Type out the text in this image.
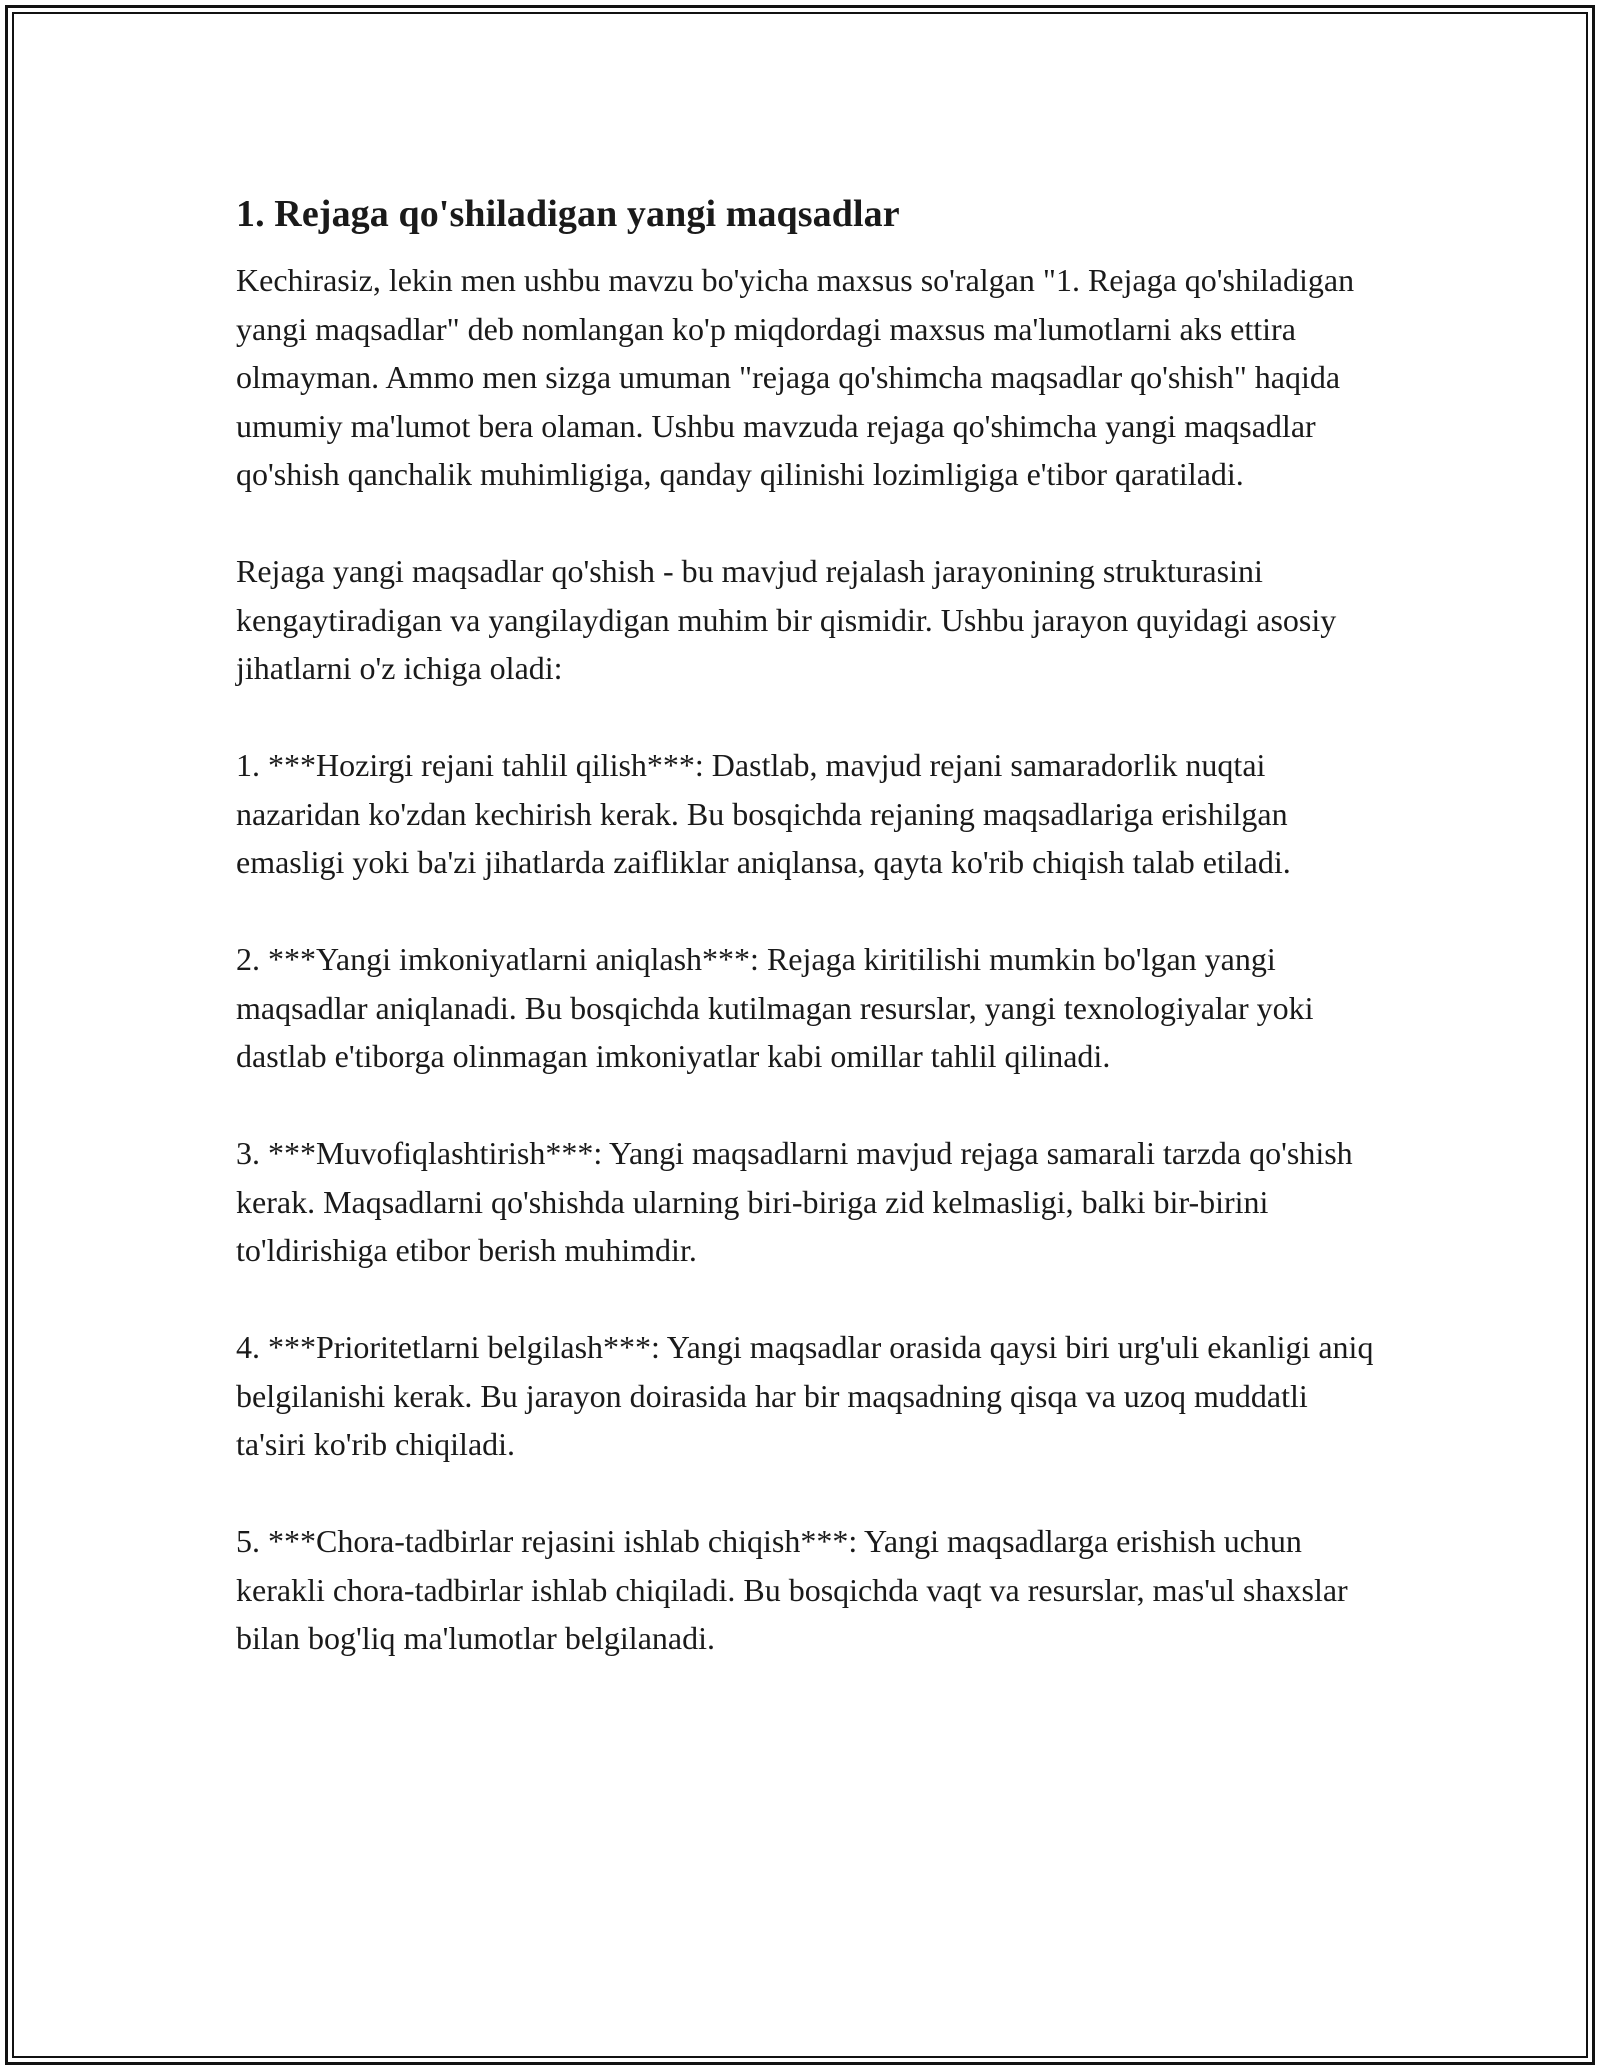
1. Rejaga qo'shiladigan yangi maqsadlar

Kechirasiz, lekin men ushbu mavzu bo'yicha maxsus so'ralgan "1. Rejaga qo'shiladigan yangi maqsadlar" deb nomlangan ko'p miqdordagi maxsus ma'lumotlarni aks ettira olmayman. Ammo men sizga umuman "rejaga qo'shimcha maqsadlar qo'shish" haqida umumiy ma'lumot bera olaman. Ushbu mavzuda rejaga qo'shimcha yangi maqsadlar qo'shish qanchalik muhimligiga, qanday qilinishi lozimligiga e'tibor qaratiladi.

Rejaga yangi maqsadlar qo'shish - bu mavjud rejalash jarayonining strukturasini kengaytiradigan va yangilaydigan muhim bir qismidir. Ushbu jarayon quyidagi asosiy jihatlarni o'z ichiga oladi:

1. ***Hozirgi rejani tahlil qilish***: Dastlab, mavjud rejani samaradorlik nuqtai nazaridan ko'zdan kechirish kerak. Bu bosqichda rejaning maqsadlariga erishilgan emasligi yoki ba'zi jihatlarda zaifliklar aniqlansa, qayta ko'rib chiqish talab etiladi.

2. ***Yangi imkoniyatlarni aniqlash***: Rejaga kiritilishi mumkin bo'lgan yangi maqsadlar aniqlanadi. Bu bosqichda kutilmagan resurslar, yangi texnologiyalar yoki dastlab e'tiborga olinmagan imkoniyatlar kabi omillar tahlil qilinadi.

3. ***Muvofiqlashtirish***: Yangi maqsadlarni mavjud rejaga samarali tarzda qo'shish kerak. Maqsadlarni qo'shishda ularning biri-biriga zid kelmasligi, balki bir-birini to'ldirishiga etibor berish muhimdir.

4. ***Prioritetlarni belgilash***: Yangi maqsadlar orasida qaysi biri urg'uli ekanligi aniq belgilanishi kerak. Bu jarayon doirasida har bir maqsadning qisqa va uzoq muddatli ta'siri ko'rib chiqiladi.

5. ***Chora-tadbirlar rejasini ishlab chiqish***: Yangi maqsadlarga erishish uchun kerakli chora-tadbirlar ishlab chiqiladi. Bu bosqichda vaqt va resurslar, mas'ul shaxslar bilan bog'liq ma'lumotlar belgilanadi.
